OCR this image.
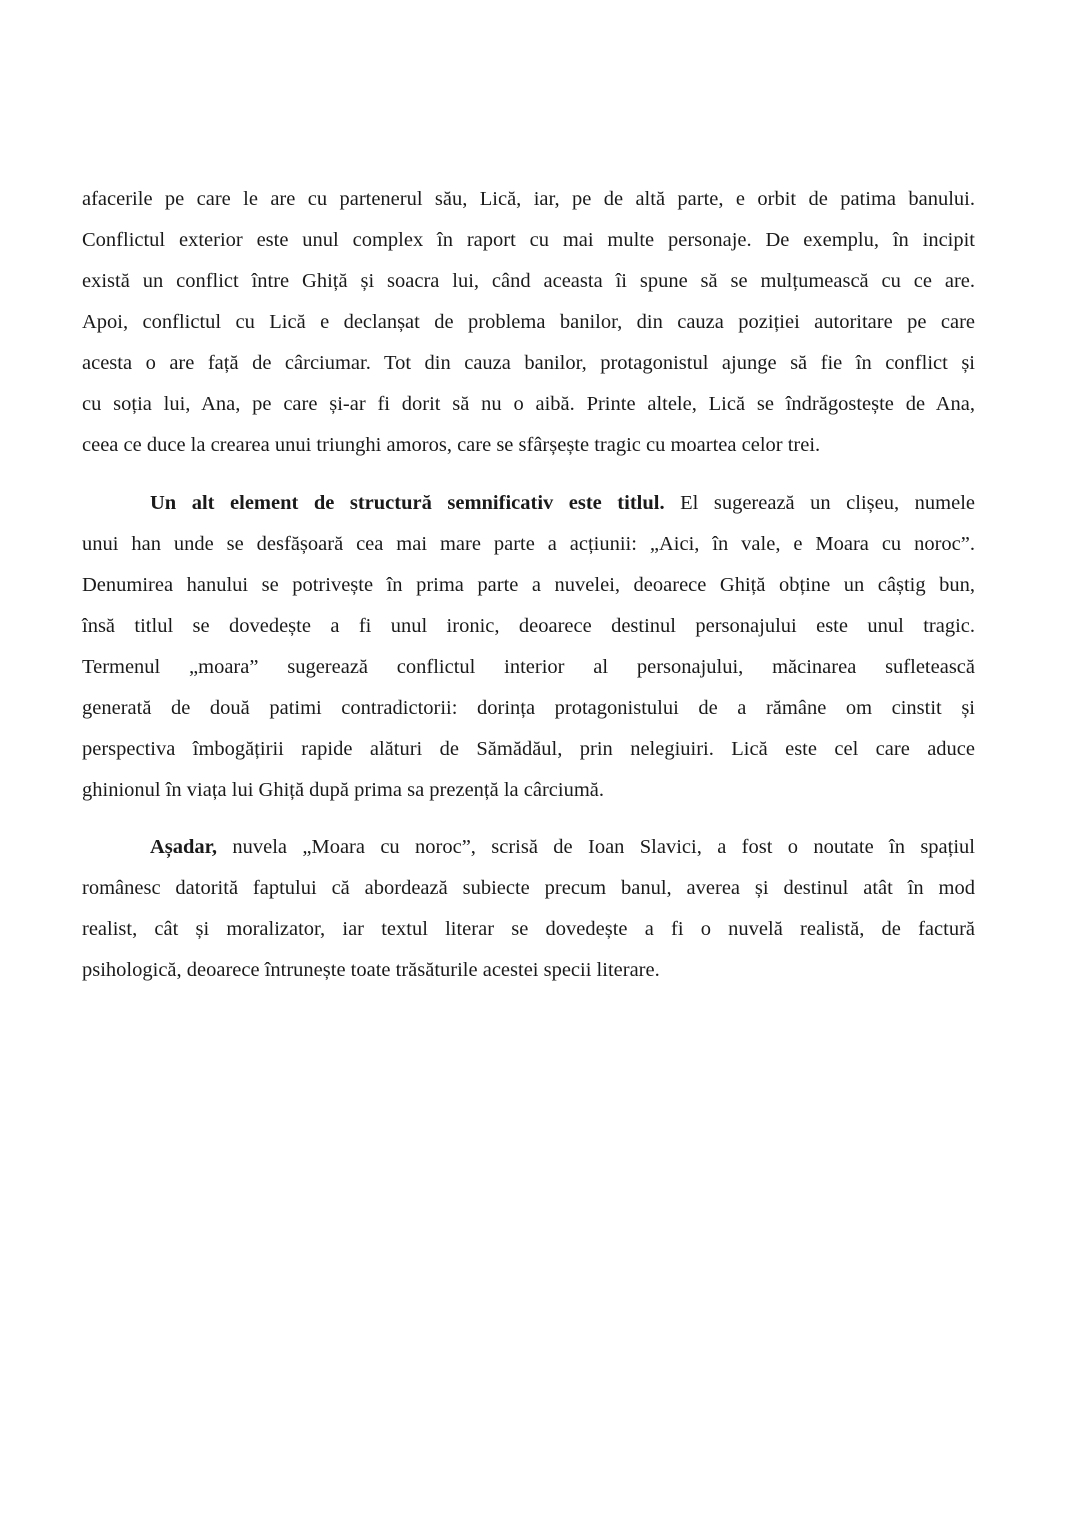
afacerile pe care le are cu partenerul său, Lică, iar, pe de altă parte, e orbit de patima banului.
Conflictul exterior este unul complex în raport cu mai multe personaje. De exemplu, în incipit
există un conflict între Ghiță și soacra lui, când aceasta îi spune să se mulțumească cu ce are.
Apoi, conflictul cu Lică e declanșat de problema banilor, din cauza poziției autoritare pe care
acesta o are față de cârciumar. Tot din cauza banilor, protagonistul ajunge să fie în conflict și
cu soția lui, Ana, pe care și-ar fi dorit să nu o aibă. Printe altele, Lică se îndrăgostește de Ana,
ceea ce duce la crearea unui triunghi amoros, care se sfârșește tragic cu moartea celor trei.
Un alt element de structură semnificativ este titlul. El sugerează un clișeu, numele
unui han unde se desfășoară cea mai mare parte a acțiunii: „Aici, în vale, e Moara cu noroc”.
Denumirea hanului se potrivește în prima parte a nuvelei, deoarece Ghiță obține un câștig bun,
însă titlul se dovedește a fi unul ironic, deoarece destinul personajului este unul tragic.
Termenul „moara” sugerează conflictul interior al personajului, măcinarea sufletească
generată de două patimi contradictorii: dorința protagonistului de a rămâne om cinstit și
perspectiva îmbogățirii rapide alături de Sămădăul, prin nelegiuiri. Lică este cel care aduce
ghinionul în viața lui Ghiță după prima sa prezență la cârciumă.
Așadar, nuvela „Moara cu noroc”, scrisă de Ioan Slavici, a fost o noutate în spațiul
românesc datorită faptului că abordează subiecte precum banul, averea și destinul atât în mod
realist, cât și moralizator, iar textul literar se dovedește a fi o nuvelă realistă, de factură
psihologică, deoarece întrunește toate trăsăturile acestei specii literare.
